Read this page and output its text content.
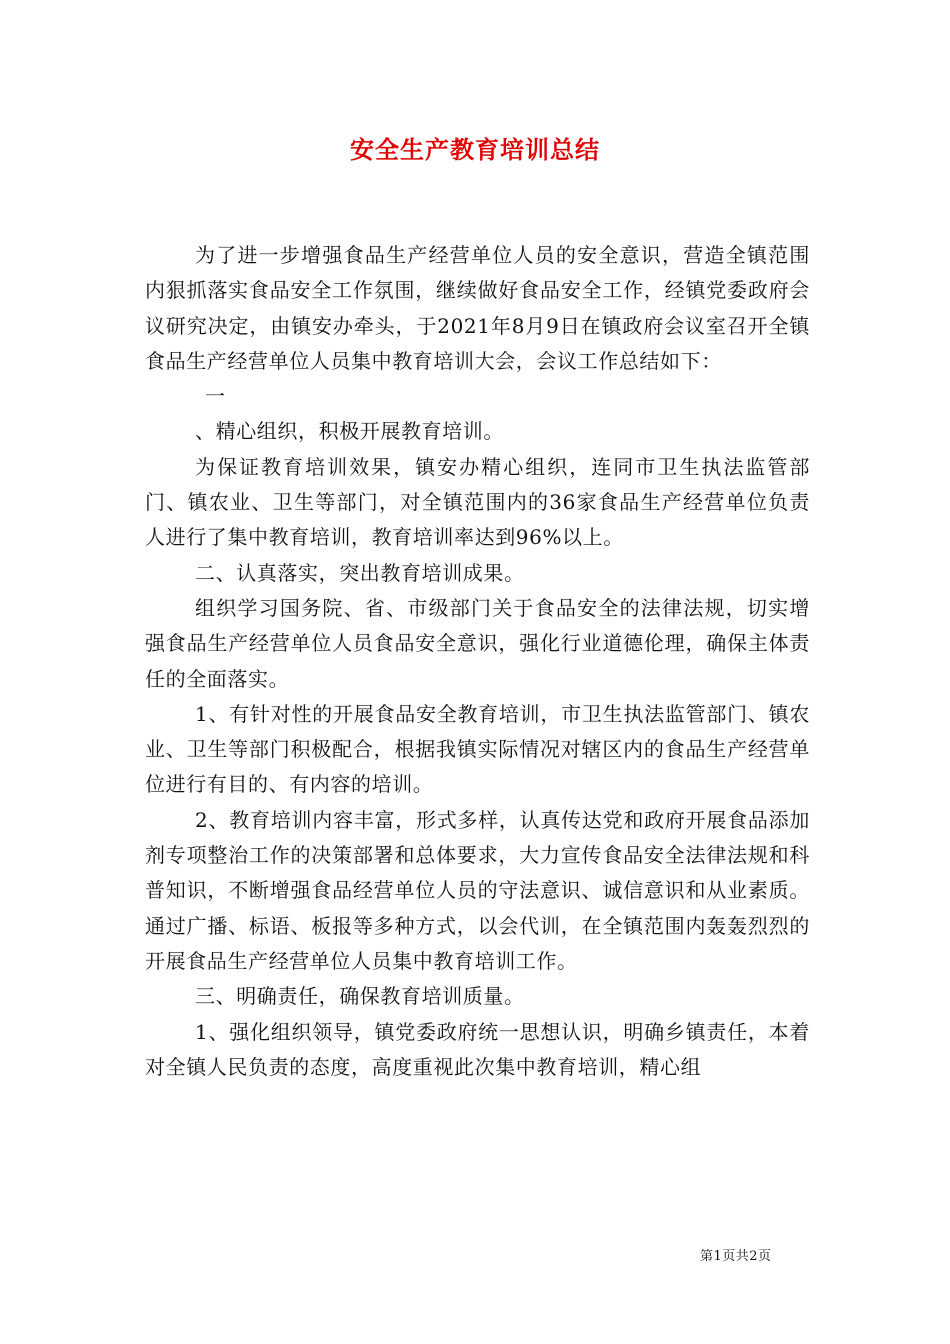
安全生产教育培训总结

为了进一步增强食品生产经营单位人员的安全意识，营造全镇范围内狠抓落实食品安全工作氛围，继续做好食品安全工作，经镇党委政府会议研究决定，由镇安办牵头，于2021年8月9日在镇政府会议室召开全镇食品生产经营单位人员集中教育培训大会，会议工作总结如下：

一

、精心组织，积极开展教育培训。

为保证教育培训效果，镇安办精心组织，连同市卫生执法监管部门、镇农业、卫生等部门，对全镇范围内的36家食品生产经营单位负责人进行了集中教育培训，教育培训率达到96%以上。

二、认真落实，突出教育培训成果。

组织学习国务院、省、市级部门关于食品安全的法律法规，切实增强食品生产经营单位人员食品安全意识，强化行业道德伦理，确保主体责任的全面落实。

1、有针对性的开展食品安全教育培训，市卫生执法监管部门、镇农业、卫生等部门积极配合，根据我镇实际情况对辖区内的食品生产经营单位进行有目的、有内容的培训。

2、教育培训内容丰富，形式多样，认真传达党和政府开展食品添加剂专项整治工作的决策部署和总体要求，大力宣传食品安全法律法规和科普知识，不断增强食品经营单位人员的守法意识、诚信意识和从业素质。通过广播、标语、板报等多种方式，以会代训，在全镇范围内轰轰烈烈的开展食品生产经营单位人员集中教育培训工作。

三、明确责任，确保教育培训质量。

1、强化组织领导，镇党委政府统一思想认识，明确乡镇责任，本着对全镇人民负责的态度，高度重视此次集中教育培训，精心组

第1页共2页
